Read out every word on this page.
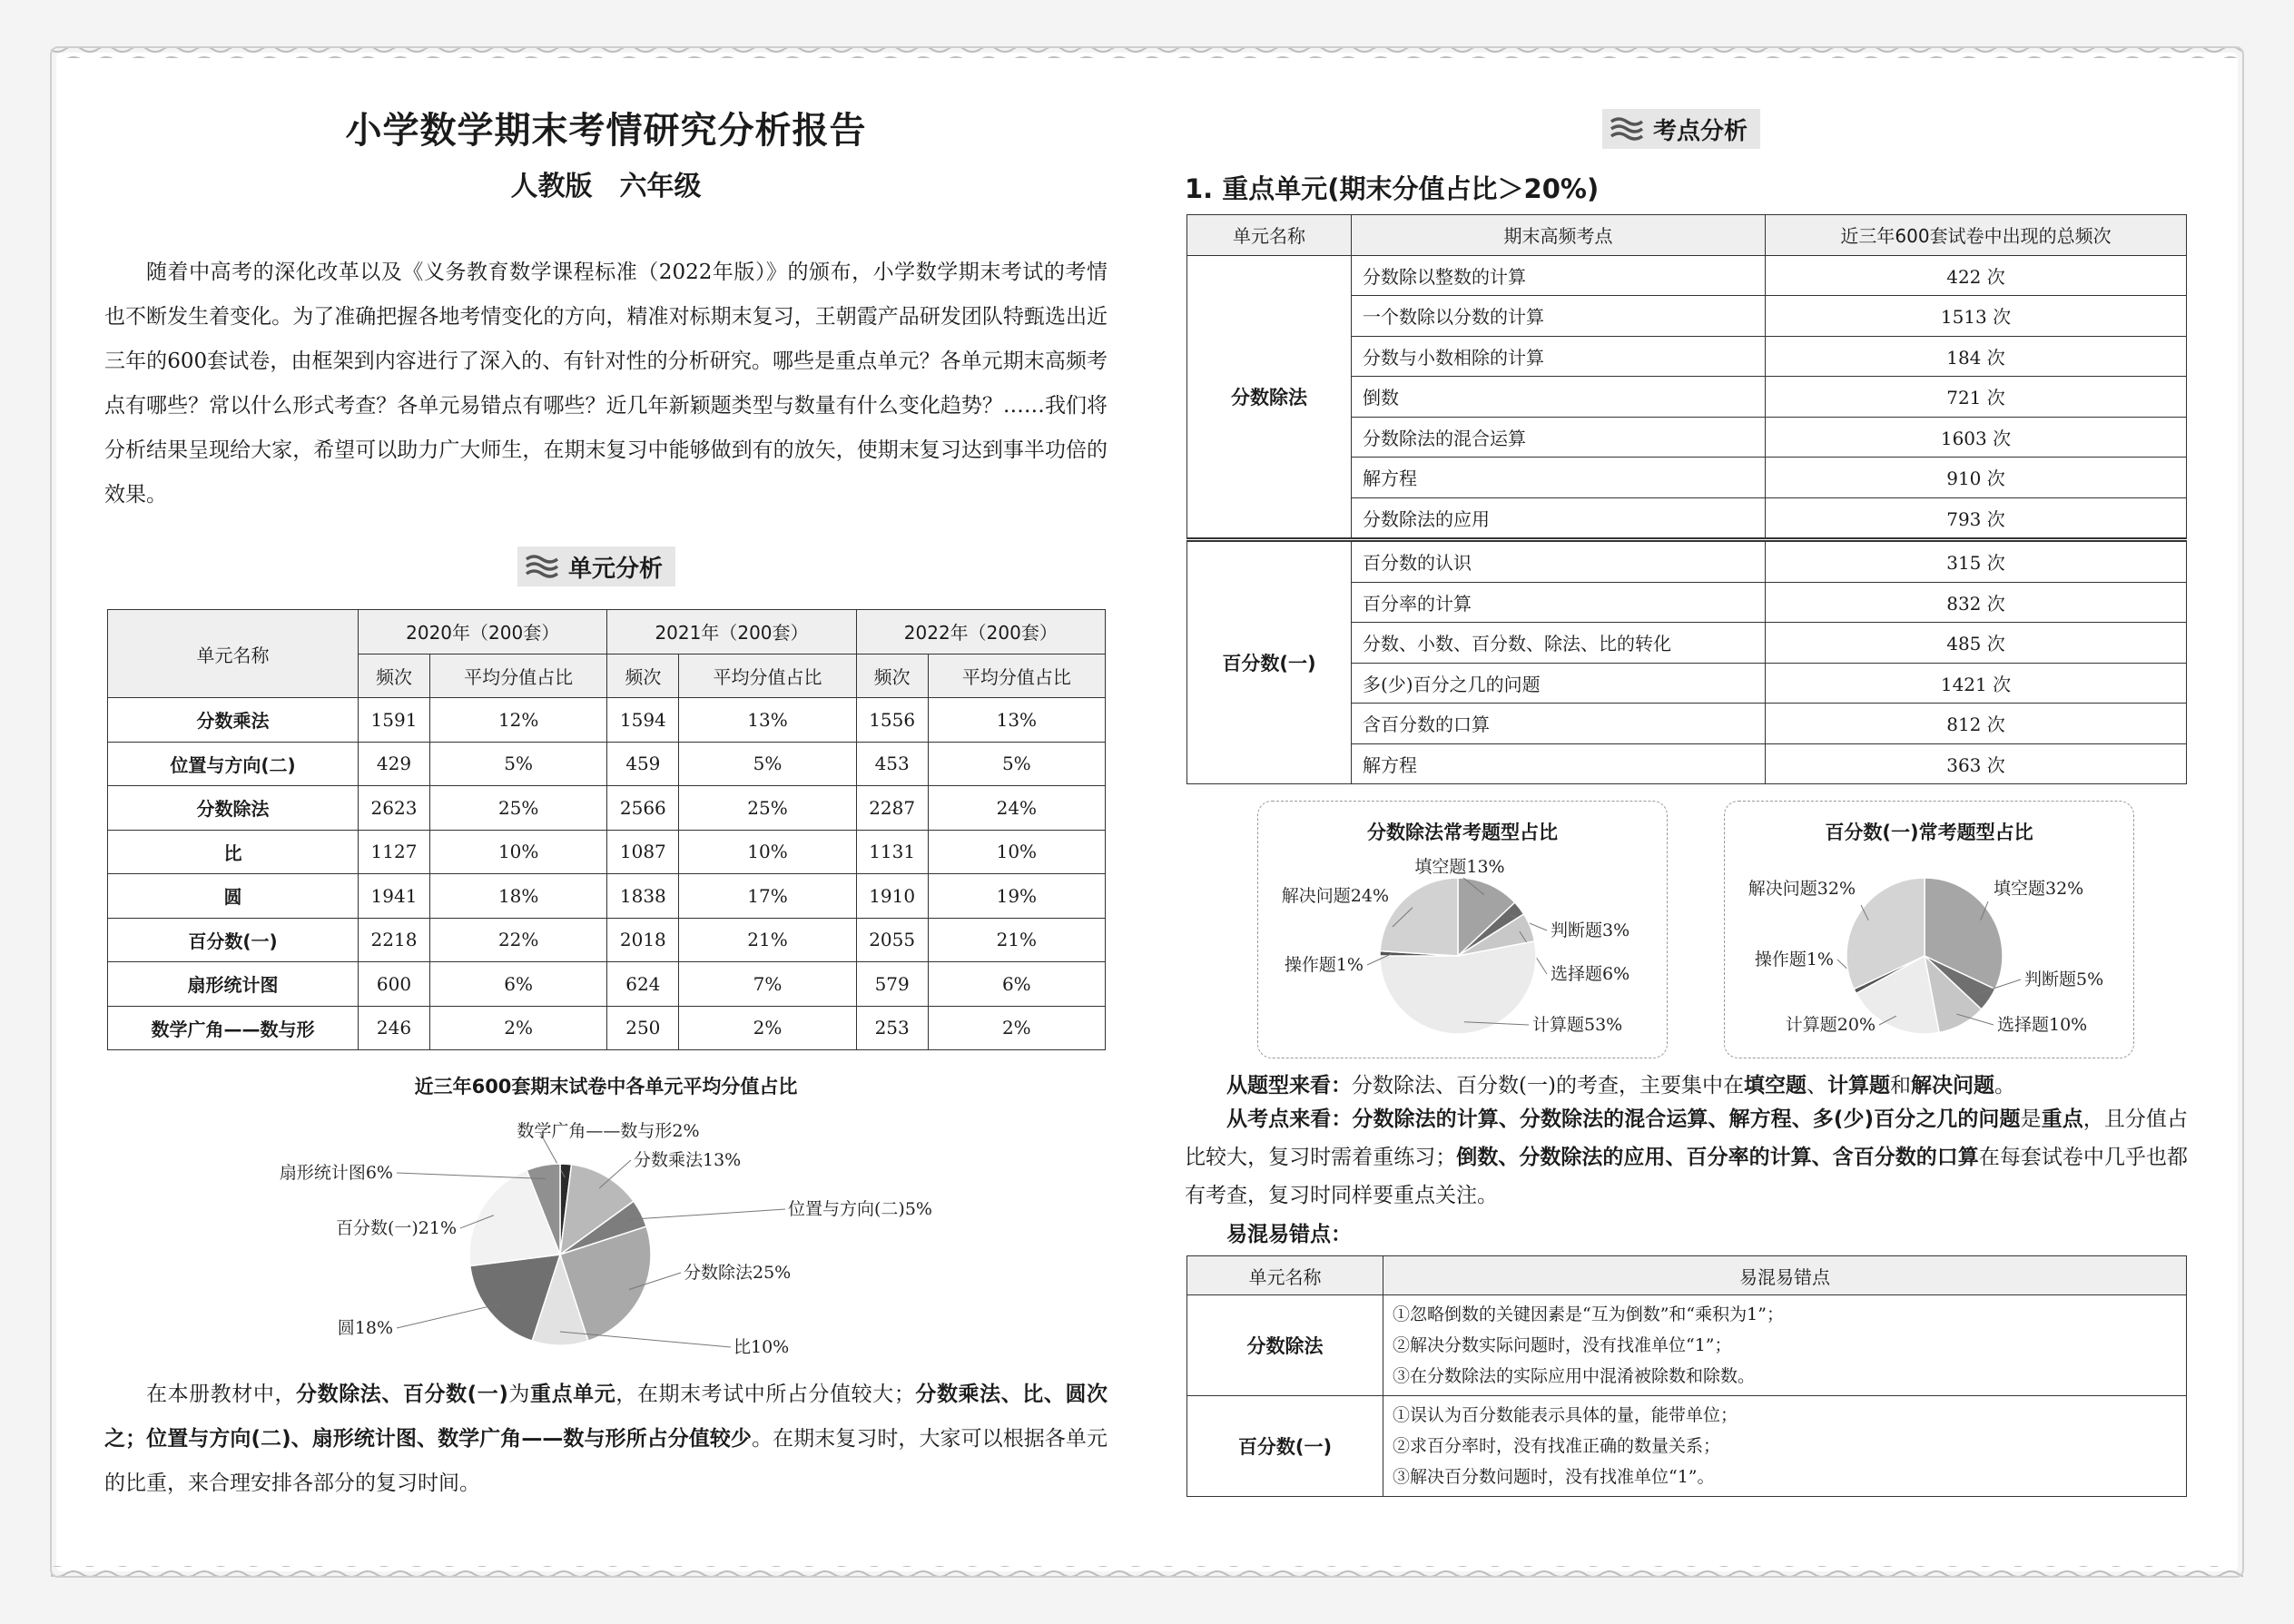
小学数学期末考情研究分析报告
人教版　六年级

随着中高考的深化改革以及《义务教育数学课程标准（2022年版）》的颁布，小学数学期末考试的考情也不断发生着变化。为了准确把握各地考情变化的方向，精准对标期末复习，王朝霞产品研发团队特甄选出近三年的600套试卷，由框架到内容进行了深入的、有针对性的分析研究。哪些是重点单元？各单元期末高频考点有哪些？常以什么形式考查？各单元易错点有哪些？近几年新颖题类型与数量有什么变化趋势？……我们将分析结果呈现给大家，希望可以助力广大师生，在期末复习中能够做到有的放矢，使期末复习达到事半功倍的效果。

单元分析
单元名称	2020年（200套）		2021年（200套）		2022年（200套）	
	频次	平均分值占比	频次	平均分值占比	频次	平均分值占比
分数乘法	1591	12%	1594	13%	1556	13%
位置与方向(二)	429	5%	459	5%	453	5%
分数除法	2623	25%	2566	25%	2287	24%
比	1127	10%	1087	10%	1131	10%
圆	1941	18%	1838	17%	1910	19%
百分数(一)	2218	22%	2018	21%	2055	21%
扇形统计图	600	6%	624	7%	579	6%
数学广角——数与形	246	2%	250	2%	253	2%
近三年600套期末试卷中各单元平均分值占比
数学广角——数与形2%
分数乘法13%
位置与方向(二)5%
分数除法25%
比10%
圆18%
百分数(一)21%
扇形统计图6%

在本册教材中，分数除法、百分数(一)为重点单元，在期末考试中所占分值较大；分数乘法、比、圆次之；位置与方向(二)、扇形统计图、数学广角——数与形所占分值较少。在期末复习时，大家可以根据各单元的比重，来合理安排各部分的复习时间。

考点分析
1. 重点单元(期末分值占比＞20%)
单元名称	期末高频考点	近三年600套试卷中出现的总频次
分数除法	分数除以整数的计算	422 次
	一个数除以分数的计算	1513 次
	分数与小数相除的计算	184 次
	倒数	721 次
	分数除法的混合运算	1603 次
	解方程	910 次
	分数除法的应用	793 次
百分数(一)	百分数的认识	315 次
	百分率的计算	832 次
	分数、小数、百分数、除法、比的转化	485 次
	多(少)百分之几的问题	1421 次
	含百分数的口算	812 次
	解方程	363 次
分数除法常考题型占比
填空题13%
判断题3%
选择题6%
计算题53%
操作题1%
解决问题24%
百分数(一)常考题型占比
填空题32%
判断题5%
选择题10%
计算题20%
操作题1%
解决问题32%

从题型来看：分数除法、百分数(一)的考查，主要集中在填空题、计算题和解决问题。

从考点来看：分数除法的计算、分数除法的混合运算、解方程、多(少)百分之几的问题是重点，且分值占比较大，复习时需着重练习；倒数、分数除法的应用、百分率的计算、含百分数的口算在每套试卷中几乎也都有考查，复习时同样要重点关注。

易混易错点：

单元名称	易混易错点
分数除法	①忽略倒数的关键因素是“互为倒数”和“乘积为1”；
②解决分数实际问题时，没有找准单位“1”；
③在分数除法的实际应用中混淆被除数和除数。

百分数(一)	①误认为百分数能表示具体的量，能带单位；
②求百分率时，没有找准正确的数量关系；
③解决百分数问题时，没有找准单位“1”。
